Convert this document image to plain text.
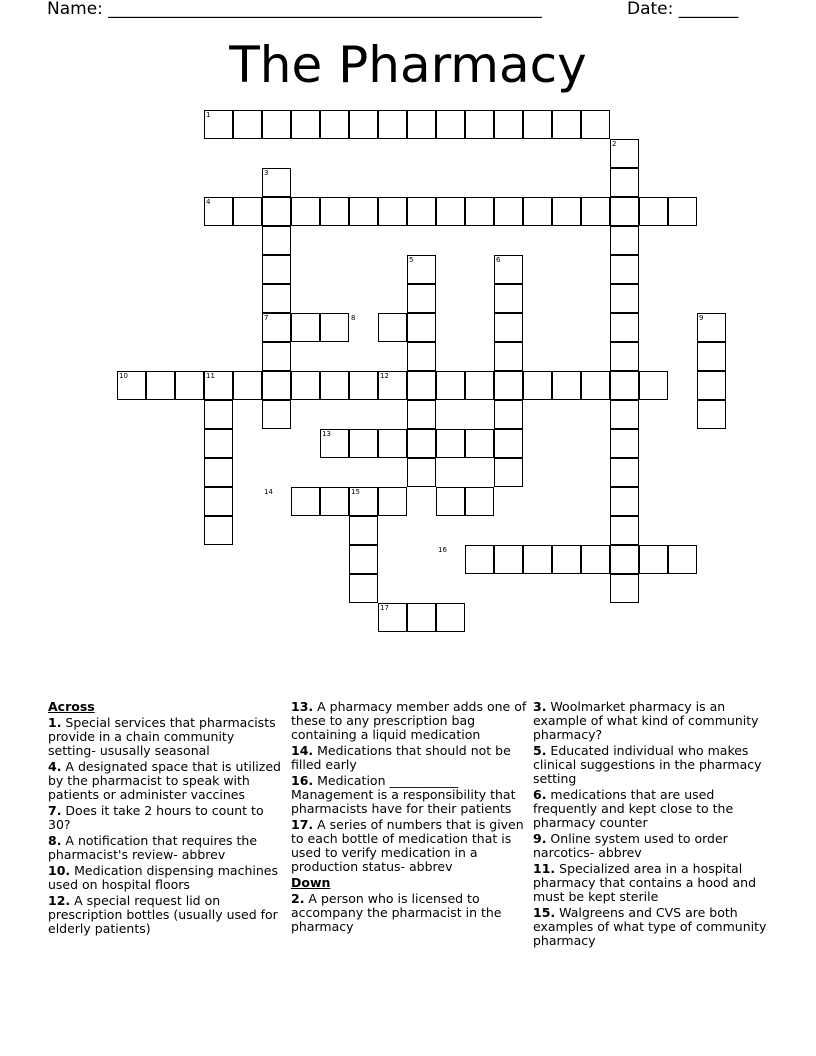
Name: ___________________________________________________	Date: _______
The Pharmacy
1
2
3
4
5	6
7	8	9
10	11	12
13
14	15
16
17
Across
1. Special services that pharmacists provide in a chain community setting- ususally seasonal
4. A designated space that is utilized by the pharmacist to speak with patients or administer vaccines
7. Does it take 2 hours to count to 30?
8. A notification that requires the pharmacist's review- abbrev
10. Medication dispensing machines used on hospital floors
12. A special request lid on prescription bottles (usually used for elderly patients)
13. A pharmacy member adds one of these to any prescription bag containing a liquid medication
14. Medications that should not be filled early
16. Medication ___________ Management is a responsibility that pharmacists have for their patients
17. A series of numbers that is given to each bottle of medication that is used to verify medication in a production status- abbrev
Down
2. A person who is licensed to accompany the pharmacist in the pharmacy
3. Woolmarket pharmacy is an example of what kind of community pharmacy?
5. Educated individual who makes clinical suggestions in the pharmacy setting
6. medications that are used frequently and kept close to the pharmacy counter
9. Online system used to order narcotics- abbrev
11. Specialized area in a hospital pharmacy that contains a hood and must be kept sterile
15. Walgreens and CVS are both examples of what type of community pharmacy
